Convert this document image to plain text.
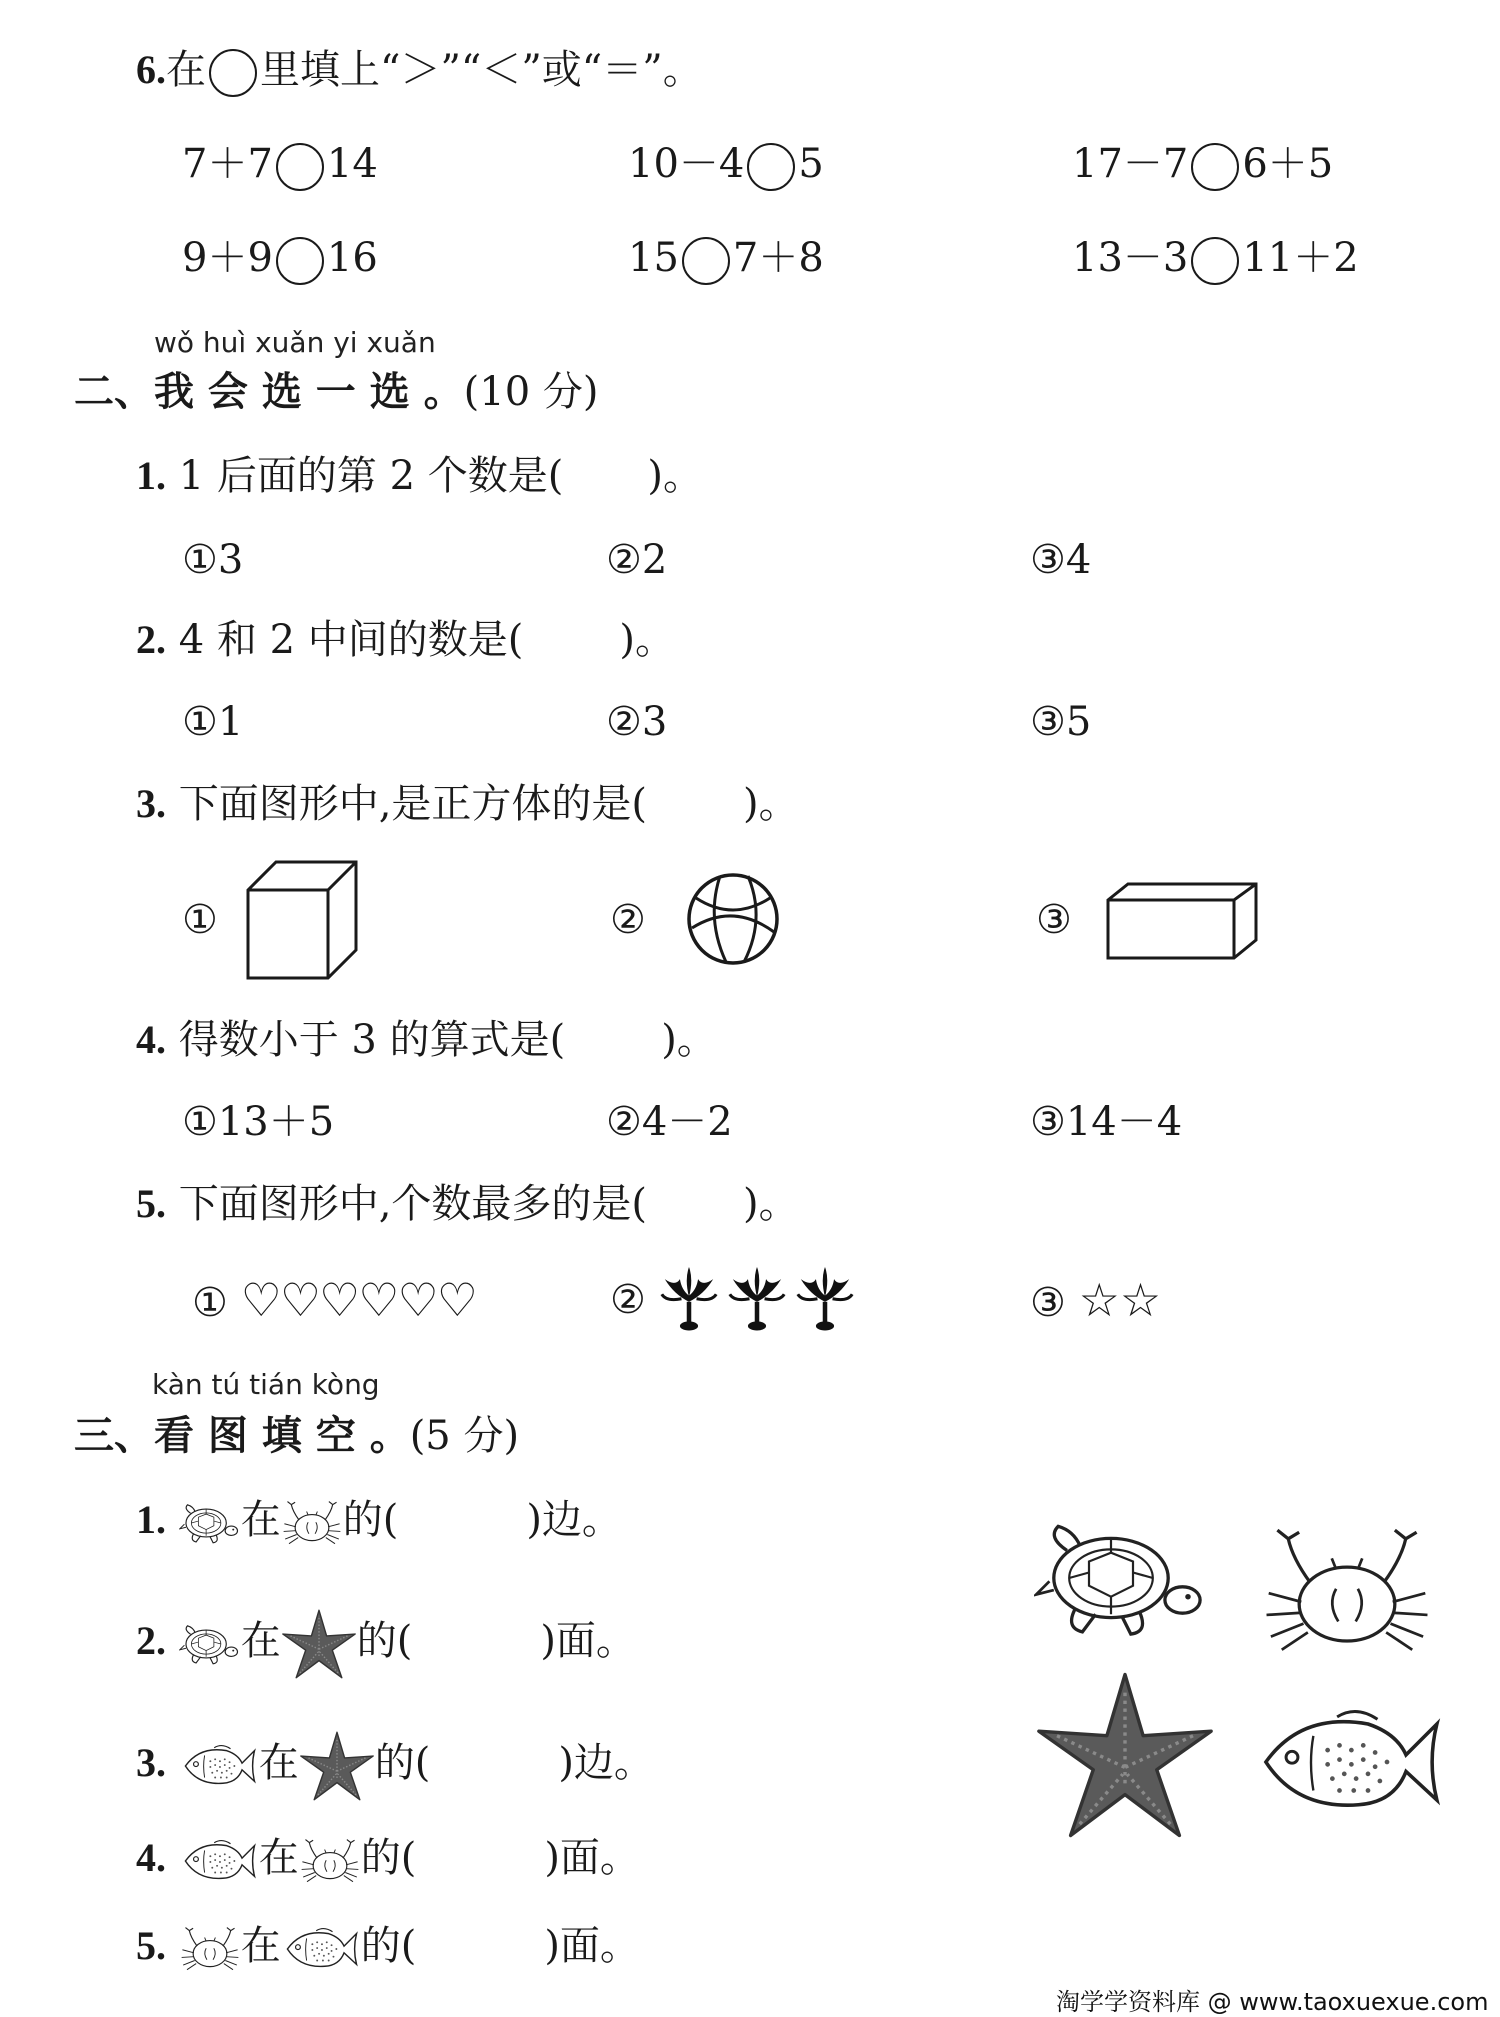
6.在 里填上“＞”“＜”或“＝”。
7＋7 14	10－4 5	17－7 6＋5
9＋9 16	15 7＋8	13－3 11＋2
wǒ huì xuǎn yi xuǎn
二、我 会 选 一 选 。(10 分)
1. 1 后面的第 2 个数是( )。
①3	②2	③4
2. 4 和 2 中间的数是( )。
①1	②3	③5
3. 下面图形中,是正方体的是( )。
①	②	③
4. 得数小于 3 的算式是( )。
①13＋5	②4－2	③14－4
5. 下面图形中,个数最多的是( )。
① ♡♡♡♡♡♡	②	③ ☆☆
kàn tú tián kòng
三、看 图 填 空 。(5 分)
1. 在 的(	)边。
2. 在 的(	)面。
3. 在 的(	)边。
4. 在 的(	)面。
5. 在 的(	)面。
淘学学资料库 @ www.taoxuexue.com
